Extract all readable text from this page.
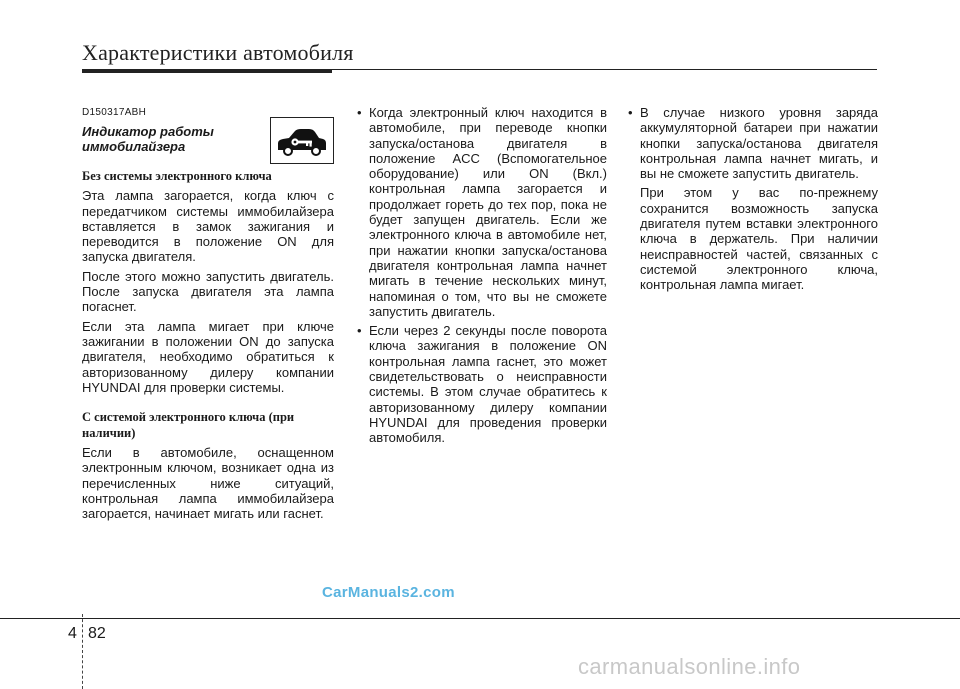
Характеристики автомобиля
D150317ABH
Индикатор работы иммобилайзера
Без системы электронного ключа

Эта лампа загорается, когда ключ с передатчиком системы иммобилайзера вставляется в замок зажигания и переводится в положение ON для запуска двигателя.

После этого можно запустить двигатель. После запуска двигателя эта лампа погаснет.

Если эта лампа мигает при ключе зажигании в положении ON до запуска двигателя, необходимо обратиться к авторизованному дилеру компании HYUNDAI для проверки системы.

С системой электронного ключа (при наличии)

Если в автомобиле, оснащенном электронным ключом, возникает одна из перечисленных ниже ситуаций, контрольная лампа иммобилайзера загорается, начинает мигать или гаснет.

• Когда электронный ключ находится в автомобиле, при переводе кнопки запуска/останова двигателя в положение ACC (Вспомогательное оборудование) или ON (Вкл.) контрольная лампа загорается и продолжает гореть до тех пор, пока не будет запущен двигатель. Если же электронного ключа в автомобиле нет, при нажатии кнопки запуска/останова двигателя контрольная лампа начнет мигать в течение нескольких минут, напоминая о том, что вы не сможете запустить двигатель.
• Если через 2 секунды после поворота ключа зажигания в положение ON контрольная лампа гаснет, это может свидетельствовать о неисправности системы. В этом случае обратитесь к авторизованному дилеру компании HYUNDAI для проведения проверки автомобиля.
• В случае низкого уровня заряда аккумуляторной батареи при нажатии кнопки запуска/останова двигателя контрольная лампа начнет мигать, и вы не сможете запустить двигатель.
При этом у вас по-прежнему сохранится возможность запуска двигателя путем вставки электронного ключа в держатель. При наличии неисправностей частей, связанных с системой электронного ключа, контрольная лампа мигает.
CarManuals2.com
4 82
carmanualsonline.info
